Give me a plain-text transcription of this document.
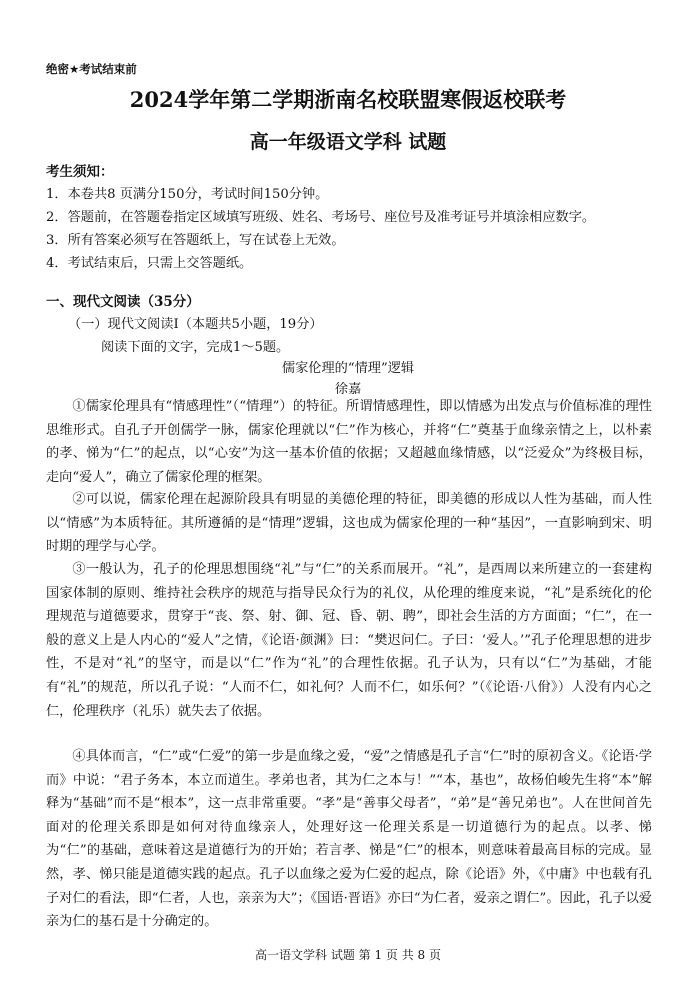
绝密★考试结束前
2024学年第二学期浙南名校联盟寒假返校联考
高一年级语文学科 试题
考生须知：
1．本卷共8 页满分150分，考试时间150分钟。
2．答题前，在答题卷指定区域填写班级、姓名、考场号、座位号及准考证号并填涂相应数字。
3．所有答案必须写在答题纸上，写在试卷上无效。
4．考试结束后，只需上交答题纸。
一、现代文阅读（35分）
（一）现代文阅读Ⅰ（本题共5小题，19分）
阅读下面的文字，完成1～5题。
儒家伦理的“情理”逻辑
徐嘉

①儒家伦理具有“情感理性”（“情理”）的特征。所谓情感理性，即以情感为出发点与价值标准的理性思维形式。自孔子开创儒学一脉，儒家伦理就以“仁”作为核心，并将“仁”奠基于血缘亲情之上，以朴素的孝、悌为“仁”的起点，以“心安”为这一基本价值的依据；又超越血缘情感，以“泛爱众”为终极目标，走向“爱人”，确立了儒家伦理的框架。

②可以说，儒家伦理在起源阶段具有明显的美德伦理的特征，即美德的形成以人性为基础，而人性以“情感”为本质特征。其所遵循的是“情理”逻辑，这也成为儒家伦理的一种“基因”，一直影响到宋、明时期的理学与心学。

③一般认为，孔子的伦理思想围绕“礼”与“仁”的关系而展开。“礼”，是西周以来所建立的一套建构国家体制的原则、维持社会秩序的规范与指导民众行为的礼仪，从伦理的维度来说，“礼”是系统化的伦理规范与道德要求，贯穿于“丧、祭、射、御、冠、昏、朝、聘”，即社会生活的方方面面；“仁”，在一般的意义上是人内心的“爱人”之情，《论语·颜渊》曰：“樊迟问仁。子曰：‘爱人。’”孔子伦理思想的进步性，不是对“礼”的坚守，而是以“仁”作为“礼”的合理性依据。孔子认为，只有以“仁”为基础，才能有“礼”的规范，所以孔子说：“人而不仁，如礼何？人而不仁，如乐何？”（《论语·八佾》）人没有内心之仁，伦理秩序（礼乐）就失去了依据。

④具体而言，“仁”或“仁爱”的第一步是血缘之爱，“爱”之情感是孔子言“仁”时的原初含义。《论语·学而》中说：“君子务本，本立而道生。孝弟也者，其为仁之本与！”“本，基也”，故杨伯峻先生将“本”解释为“基础”而不是“根本”，这一点非常重要。“孝”是“善事父母者”，“弟”是“善兄弟也”。人在世间首先面对的伦理关系即是如何对待血缘亲人，处理好这一伦理关系是一切道德行为的起点。以孝、悌为“仁”的基础，意味着这是道德行为的开始；若言孝、悌是“仁”的根本，则意味着最高目标的完成。显然，孝、悌只能是道德实践的起点。孔子以血缘之爱为仁爱的起点，除《论语》外，《中庸》中也载有孔子对仁的看法，即“仁者，人也，亲亲为大”；《国语·晋语》亦曰“为仁者，爱亲之谓仁”。因此，孔子以爱亲为仁的基石是十分确定的。

高一语文学科 试题 第 1 页 共 8 页
